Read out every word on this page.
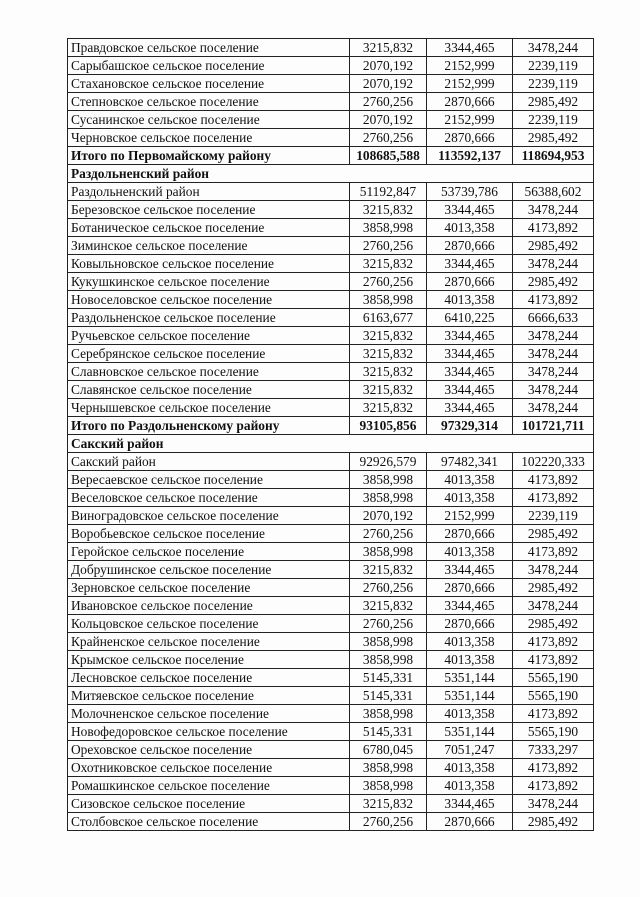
Правдовское сельское поселение	3215,832	3344,465	3478,244
Сарыбашское сельское поселение	2070,192	2152,999	2239,119
Стахановское сельское поселение	2070,192	2152,999	2239,119
Степновское сельское поселение	2760,256	2870,666	2985,492
Сусанинское сельское поселение	2070,192	2152,999	2239,119
Черновское сельское поселение	2760,256	2870,666	2985,492
Итого по Первомайскому району	108685,588	113592,137	118694,953
Раздольненский район			
Раздольненский район	51192,847	53739,786	56388,602
Березовское сельское поселение	3215,832	3344,465	3478,244
Ботаническое сельское поселение	3858,998	4013,358	4173,892
Зиминское сельское поселение	2760,256	2870,666	2985,492
Ковыльновское сельское поселение	3215,832	3344,465	3478,244
Кукушкинское сельское поселение	2760,256	2870,666	2985,492
Новоселовское сельское поселение	3858,998	4013,358	4173,892
Раздольненское сельское поселение	6163,677	6410,225	6666,633
Ручьевское сельское поселение	3215,832	3344,465	3478,244
Серебрянское сельское поселение	3215,832	3344,465	3478,244
Славновское сельское поселение	3215,832	3344,465	3478,244
Славянское сельское поселение	3215,832	3344,465	3478,244
Чернышевское сельское поселение	3215,832	3344,465	3478,244
Итого по Раздольненскому району	93105,856	97329,314	101721,711
Сакский район			
Сакский район	92926,579	97482,341	102220,333
Вересаевское сельское поселение	3858,998	4013,358	4173,892
Веселовское сельское поселение	3858,998	4013,358	4173,892
Виноградовское сельское поселение	2070,192	2152,999	2239,119
Воробьевское сельское поселение	2760,256	2870,666	2985,492
Геройское сельское поселение	3858,998	4013,358	4173,892
Добрушинское сельское поселение	3215,832	3344,465	3478,244
Зерновское сельское поселение	2760,256	2870,666	2985,492
Ивановское сельское поселение	3215,832	3344,465	3478,244
Кольцовское сельское поселение	2760,256	2870,666	2985,492
Крайненское сельское поселение	3858,998	4013,358	4173,892
Крымское сельское поселение	3858,998	4013,358	4173,892
Лесновское сельское поселение	5145,331	5351,144	5565,190
Митяевское сельское поселение	5145,331	5351,144	5565,190
Молочненское сельское поселение	3858,998	4013,358	4173,892
Новофедоровское сельское поселение	5145,331	5351,144	5565,190
Ореховское сельское поселение	6780,045	7051,247	7333,297
Охотниковское сельское поселение	3858,998	4013,358	4173,892
Ромашкинское сельское поселение	3858,998	4013,358	4173,892
Сизовское сельское поселение	3215,832	3344,465	3478,244
Столбовское сельское поселение	2760,256	2870,666	2985,492
